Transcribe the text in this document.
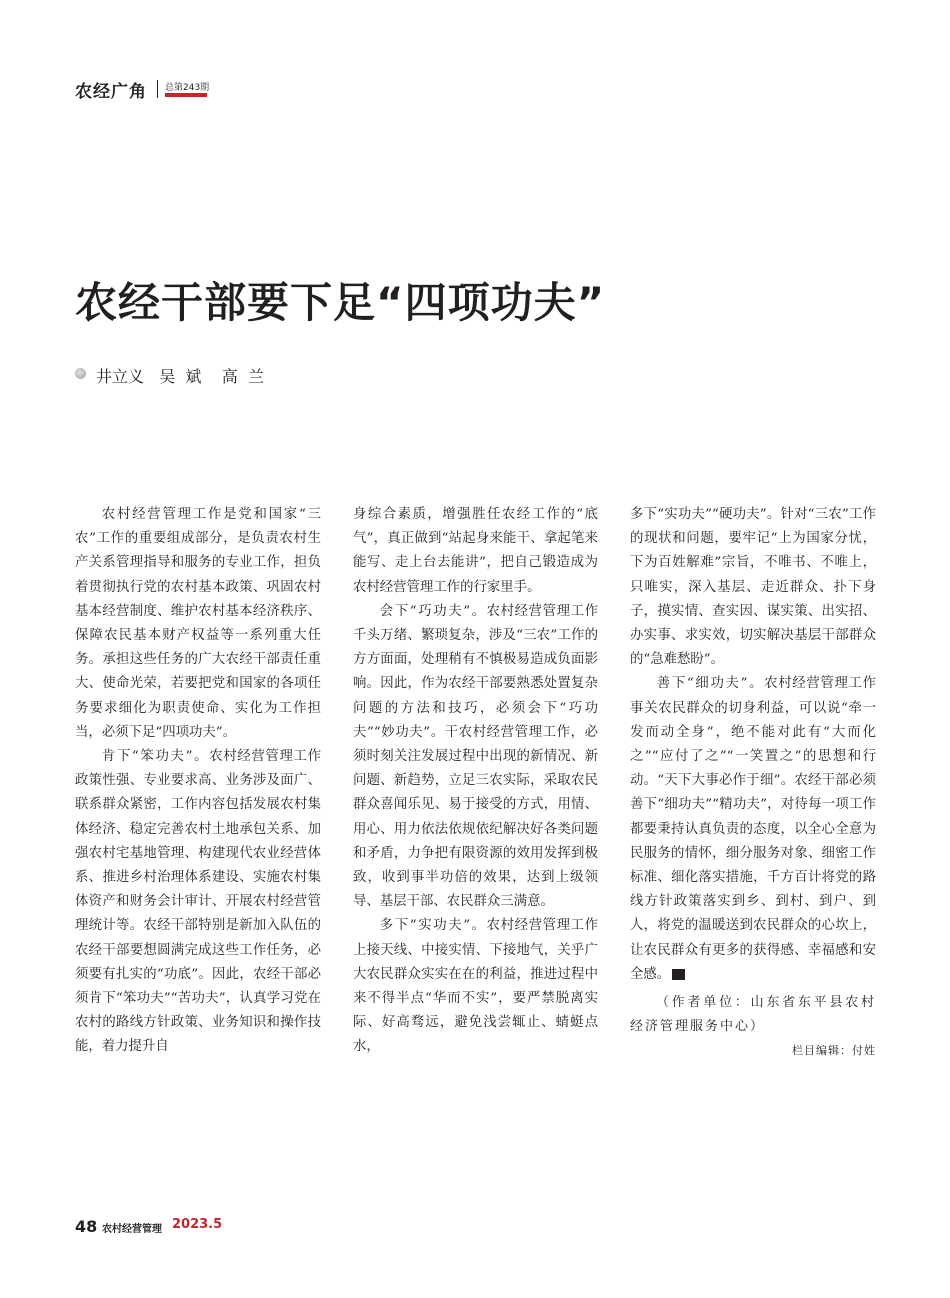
农经广角 总第243期
农经干部要下足“四项功夫”
井立义   吴  斌    高  兰

农村经营管理工作是党和国家“三农”工作的重要组成部分，是负责农村生产关系管理指导和服务的专业工作，担负着贯彻执行党的农村基本政策、巩固农村基本经营制度、维护农村基本经济秩序、保障农民基本财产权益等一系列重大任务。承担这些任务的广大农经干部责任重大、使命光荣，若要把党和国家的各项任务要求细化为职责使命、实化为工作担当，必须下足“四项功夫”。

肯下“笨功夫”。农村经营管理工作政策性强、专业要求高、业务涉及面广、联系群众紧密，工作内容包括发展农村集体经济、稳定完善农村土地承包关系、加强农村宅基地管理、构建现代农业经营体系、推进乡村治理体系建设、实施农村集体资产和财务会计审计、开展农村经营管理统计等。农经干部特别是新加入队伍的农经干部要想圆满完成这些工作任务，必须要有扎实的“功底”。因此，农经干部必须肯下“笨功夫”“苦功夫”，认真学习党在农村的路线方针政策、业务知识和操作技能，着力提升自

身综合素质，增强胜任农经工作的“底气”，真正做到“站起身来能干、拿起笔来能写、走上台去能讲”，把自己锻造成为农村经营管理工作的行家里手。

会下“巧功夫”。农村经营管理工作千头万绪、繁琐复杂，涉及“三农”工作的方方面面，处理稍有不慎极易造成负面影响。因此，作为农经干部要熟悉处置复杂问题的方法和技巧，必须会下“巧功夫”“妙功夫”。干农村经营管理工作，必须时刻关注发展过程中出现的新情况、新问题、新趋势，立足三农实际，采取农民群众喜闻乐见、易于接受的方式，用情、用心、用力依法依规依纪解决好各类问题和矛盾，力争把有限资源的效用发挥到极致，收到事半功倍的效果，达到上级领导、基层干部、农民群众三满意。

多下“实功夫”。农村经营管理工作上接天线、中接实情、下接地气，关乎广大农民群众实实在在的利益，推进过程中来不得半点“华而不实”，要严禁脱离实际、好高骛远，避免浅尝辄止、蜻蜓点水，

多下“实功夫”“硬功夫”。针对“三农”工作的现状和问题，要牢记“上为国家分忧，下为百姓解难”宗旨，不唯书、不唯上，只唯实，深入基层、走近群众、扑下身子，摸实情、查实因、谋实策、出实招、办实事、求实效，切实解决基层干部群众的“急难愁盼”。

善下“细功夫”。农村经营管理工作事关农民群众的切身利益，可以说“牵一发而动全身”，绝不能对此有“大而化之”“应付了之”“一笑置之”的思想和行动。“天下大事必作于细”。农经干部必须善下“细功夫”“精功夫”，对待每一项工作都要秉持认真负责的态度，以全心全意为民服务的情怀，细分服务对象、细密工作标准、细化落实措施，千方百计将党的路线方针政策落实到乡、到村、到户、到人，将党的温暖送到农民群众的心坎上，让农民群众有更多的获得感、幸福感和安全感。	▲

（作者单位：山东省东平县农村经济管理服务中心）

栏目编辑：付姓

48 农村经营管理 2023.5
